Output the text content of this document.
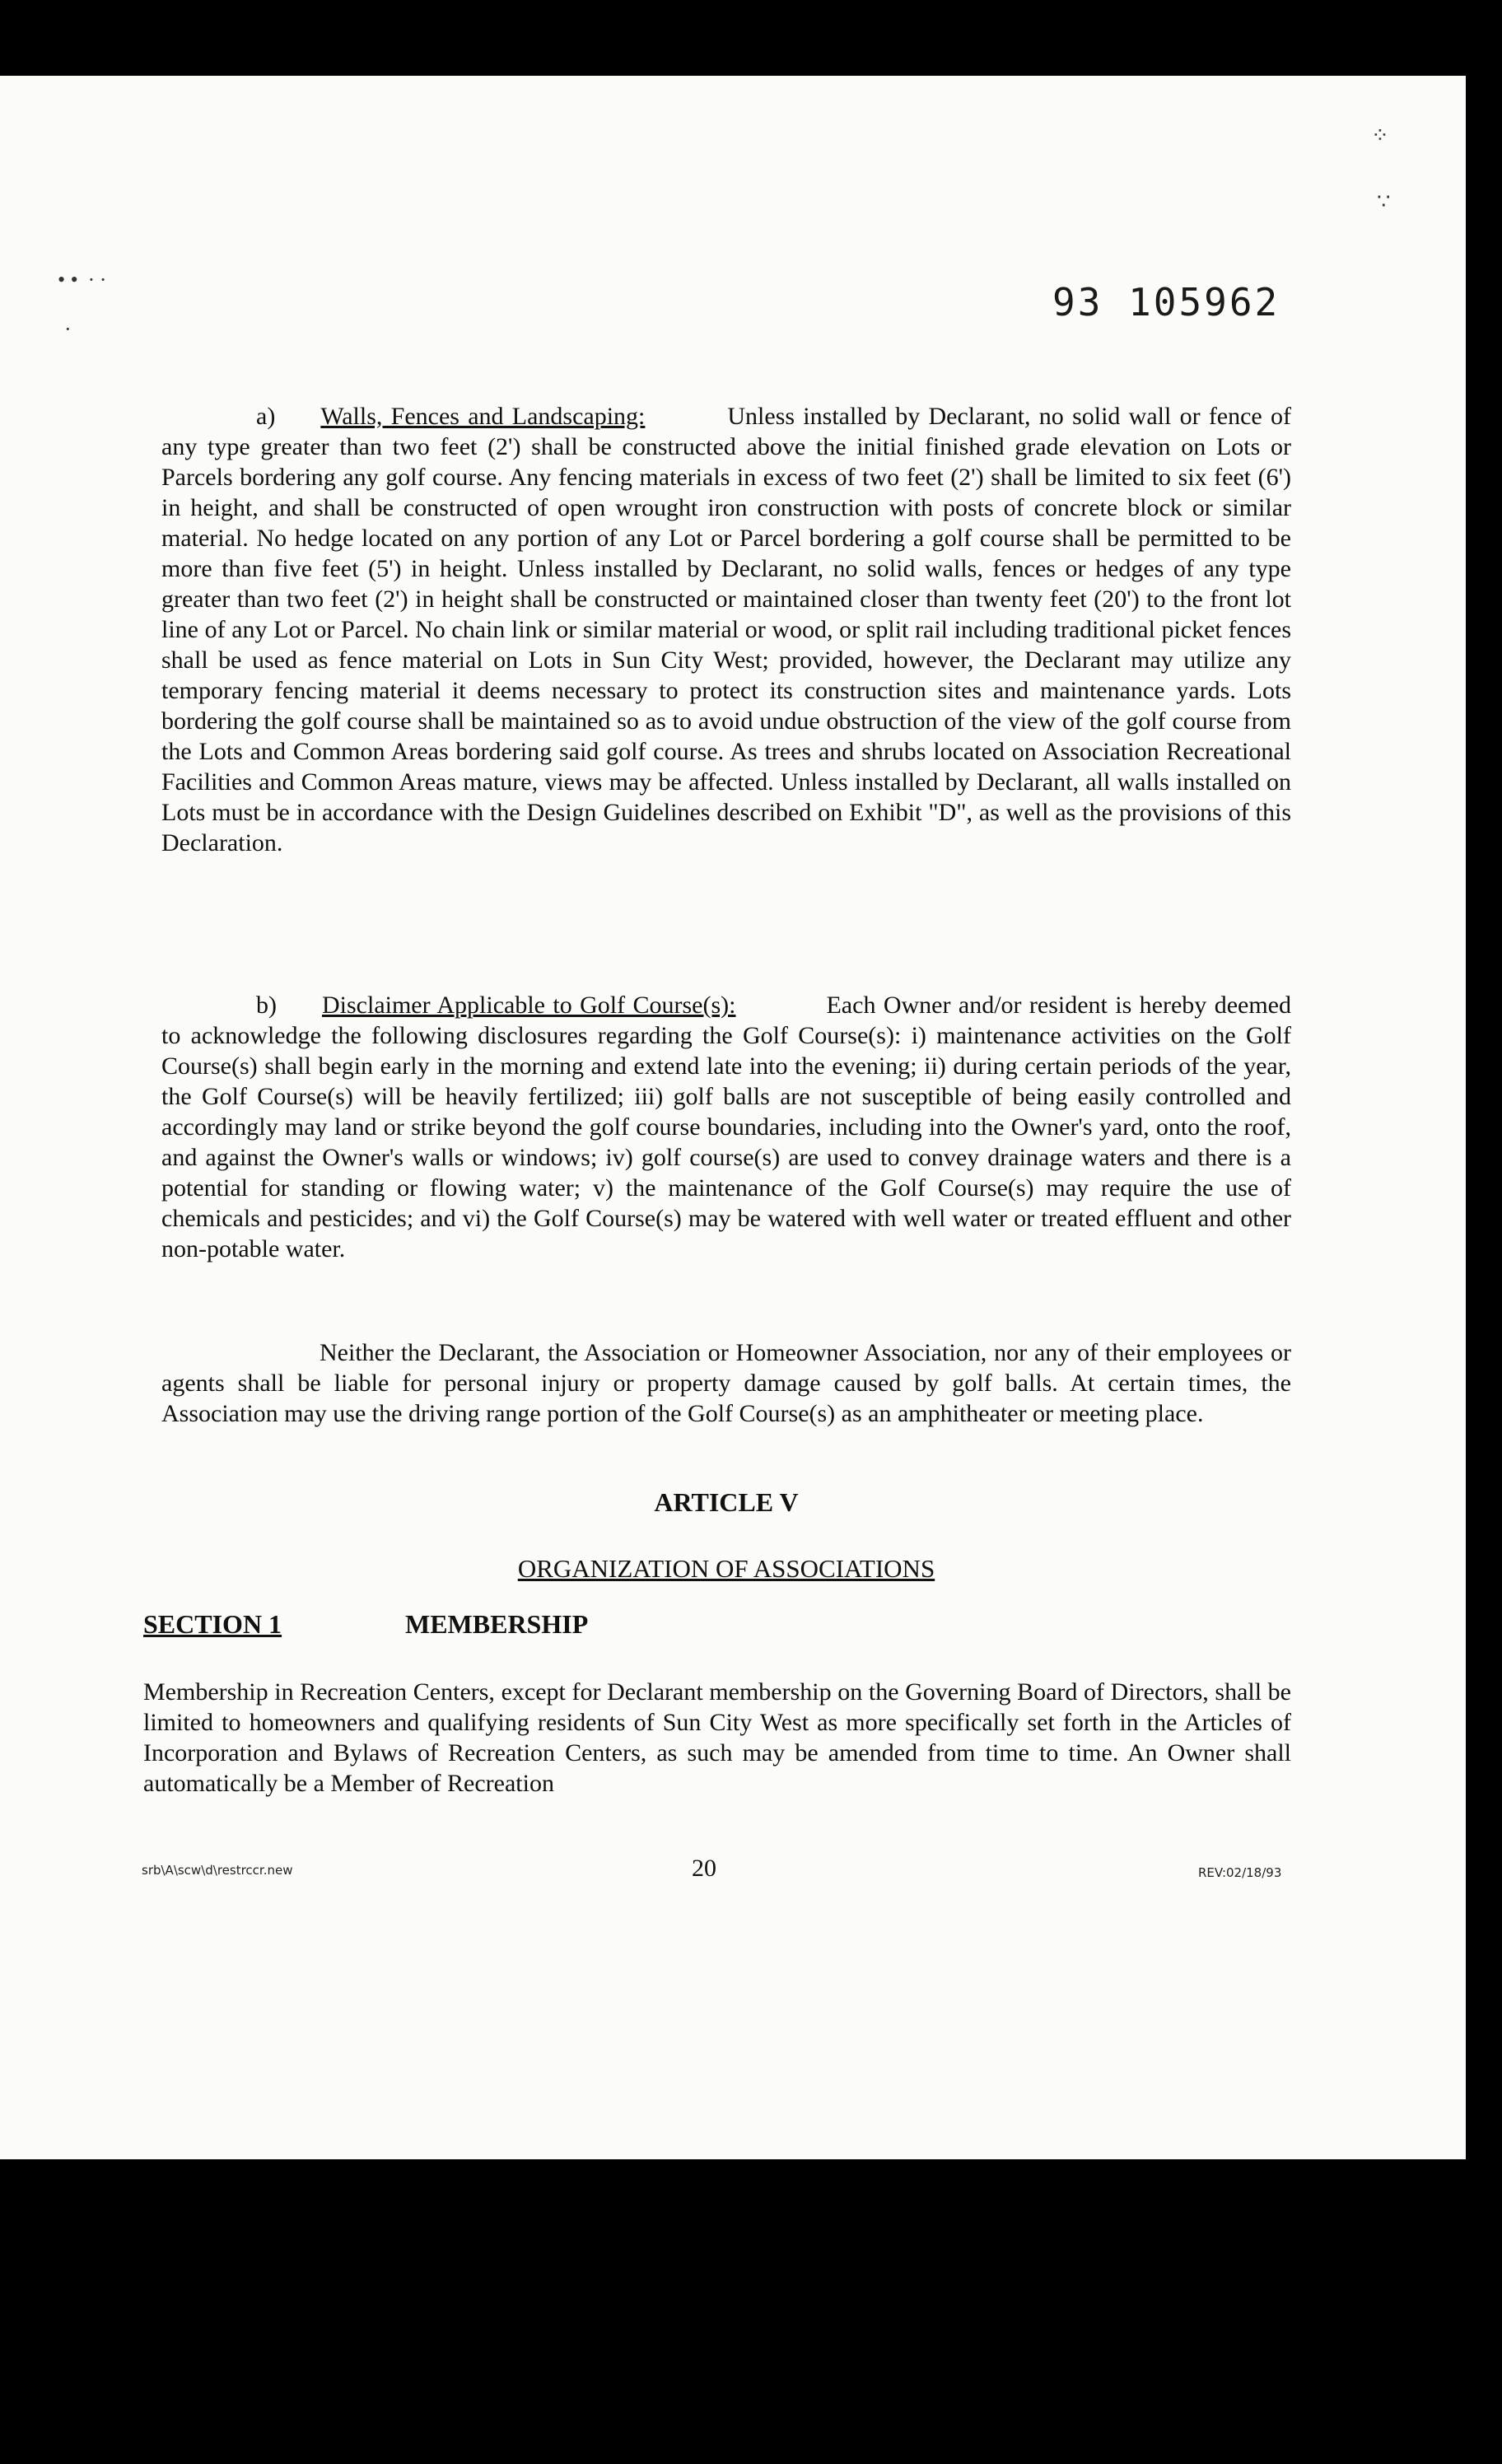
• •  ∙ ·
·
⁘
∵
93 105962

a) Walls, Fences and Landscaping:	Unless installed by Declarant, no solid wall or fence of any type greater than two feet (2') shall be constructed above the initial finished grade elevation on Lots or Parcels bordering any golf course. Any fencing materials in excess of two feet (2') shall be limited to six feet (6') in height, and shall be constructed of open wrought iron construction with posts of concrete block or similar material. No hedge located on any portion of any Lot or Parcel bordering a golf course shall be permitted to be more than five feet (5') in height. Unless installed by Declarant, no solid walls, fences or hedges of any type greater than two feet (2') in height shall be constructed or maintained closer than twenty feet (20') to the front lot line of any Lot or Parcel. No chain link or similar material or wood, or split rail including traditional picket fences shall be used as fence material on Lots in Sun City West; provided, however, the Declarant may utilize any temporary fencing material it deems necessary to protect its construction sites and maintenance yards. Lots bordering the golf course shall be maintained so as to avoid undue obstruction of the view of the golf course from the Lots and Common Areas bordering said golf course. As trees and shrubs located on Association Recreational Facilities and Common Areas mature, views may be affected. Unless installed by Declarant, all walls installed on Lots must be in accordance with the Design Guidelines described on Exhibit "D", as well as the provisions of this Declaration.

b) Disclaimer Applicable to Golf Course(s):	Each Owner and/or resident is hereby deemed to acknowledge the following disclosures regarding the Golf Course(s): i) maintenance activities on the Golf Course(s) shall begin early in the morning and extend late into the evening; ii) during certain periods of the year, the Golf Course(s) will be heavily fertilized; iii) golf balls are not susceptible of being easily controlled and accordingly may land or strike beyond the golf course boundaries, including into the Owner's yard, onto the roof, and against the Owner's walls or windows; iv) golf course(s) are used to convey drainage waters and there is a potential for standing or flowing water; v) the maintenance of the Golf Course(s) may require the use of chemicals and pesticides; and vi) the Golf Course(s) may be watered with well water or treated effluent and other non-potable water.

Neither the Declarant, the Association or Homeowner Association, nor any of their employees or agents shall be liable for personal injury or property damage caused by golf balls. At certain times, the Association may use the driving range portion of the Golf Course(s) as an amphitheater or meeting place.

ARTICLE V

ORGANIZATION OF ASSOCIATIONS

SECTION 1	MEMBERSHIP

Membership in Recreation Centers, except for Declarant membership on the Governing Board of Directors, shall be limited to homeowners and qualifying residents of Sun City West as more specifically set forth in the Articles of Incorporation and Bylaws of Recreation Centers, as such may be amended from time to time. An Owner shall automatically be a Member of Recreation

srb\A\scw\d\restrccr.new	20	REV:02/18/93
